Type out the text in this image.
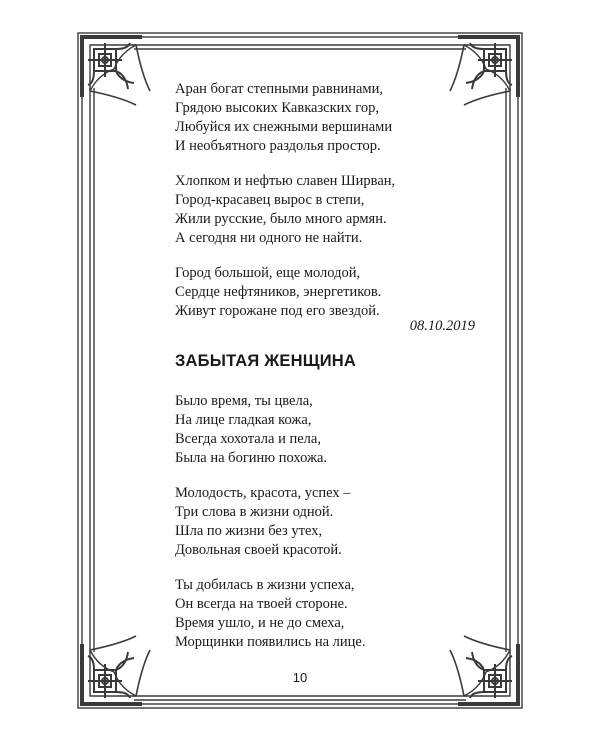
Аран богат степными равнинами,
Грядою высоких Кавказских гор,
Любуйся их снежными вершинами
И необъятного раздолья простор.
Хлопком и нефтью славен Ширван,
Город-красавец вырос в степи,
Жили русские, было много армян.
А сегодня ни одного не найти.
Город большой, еще молодой,
Сердце нефтяников, энергетиков.
Живут горожане под его звездой.
08.10.2019
ЗАБЫТАЯ ЖЕНЩИНА
Было время, ты цвела,
На лице гладкая кожа,
Всегда хохотала и пела,
Была на богиню похожа.
Молодость, красота, успех –
Три слова в жизни одной.
Шла по жизни без утех,
Довольная своей красотой.
Ты добилась в жизни успеха,
Он всегда на твоей стороне.
Время ушло, и не до смеха,
Морщинки появились на лице.
10
